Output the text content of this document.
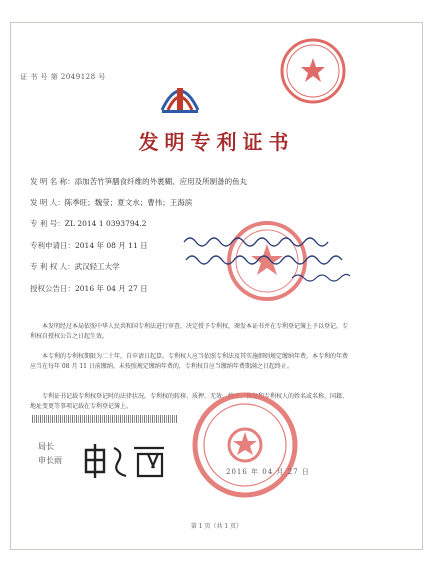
证 书 号 第 2049128 号
发明专利证书
发 明 名 称：添加苦竹笋膳食纤维的外裹糊、应用及所制备的鱼丸
发 明 人：陈季旺；魏莹；夏文水；曹伟；王海滨
专 利 号：ZL 2014 1 0393794.2
专利申请日：2014 年 08 月 11 日
专 利 权 人：武汉轻工大学
授权公告日：2016 年 04 月 27 日
本发明经过本局依照中华人民共和国专利法进行审查，决定授予专利权，颁发本证书并在专利登记簿上予以登记。专利权自授权公告之日起生效。
本专利的专利权期限为二十年，自申请日起算。专利权人应当依照专利法及其实施细则规定缴纳年费。本专利的年费应当在每年 08 月 11 日前缴纳。未按照规定缴纳年费的，专利权自应当缴纳年费期满之日起终止。
专利证书记载专利权登记时的法律状况。专利权的转移、质押、无效、终止、恢复和专利权人的姓名或名称、国籍、地址变更等事项记载在专利登记簿上。
局长
申长雨
2016 年 04 月 27 日
第 1 页（共 1 页）
